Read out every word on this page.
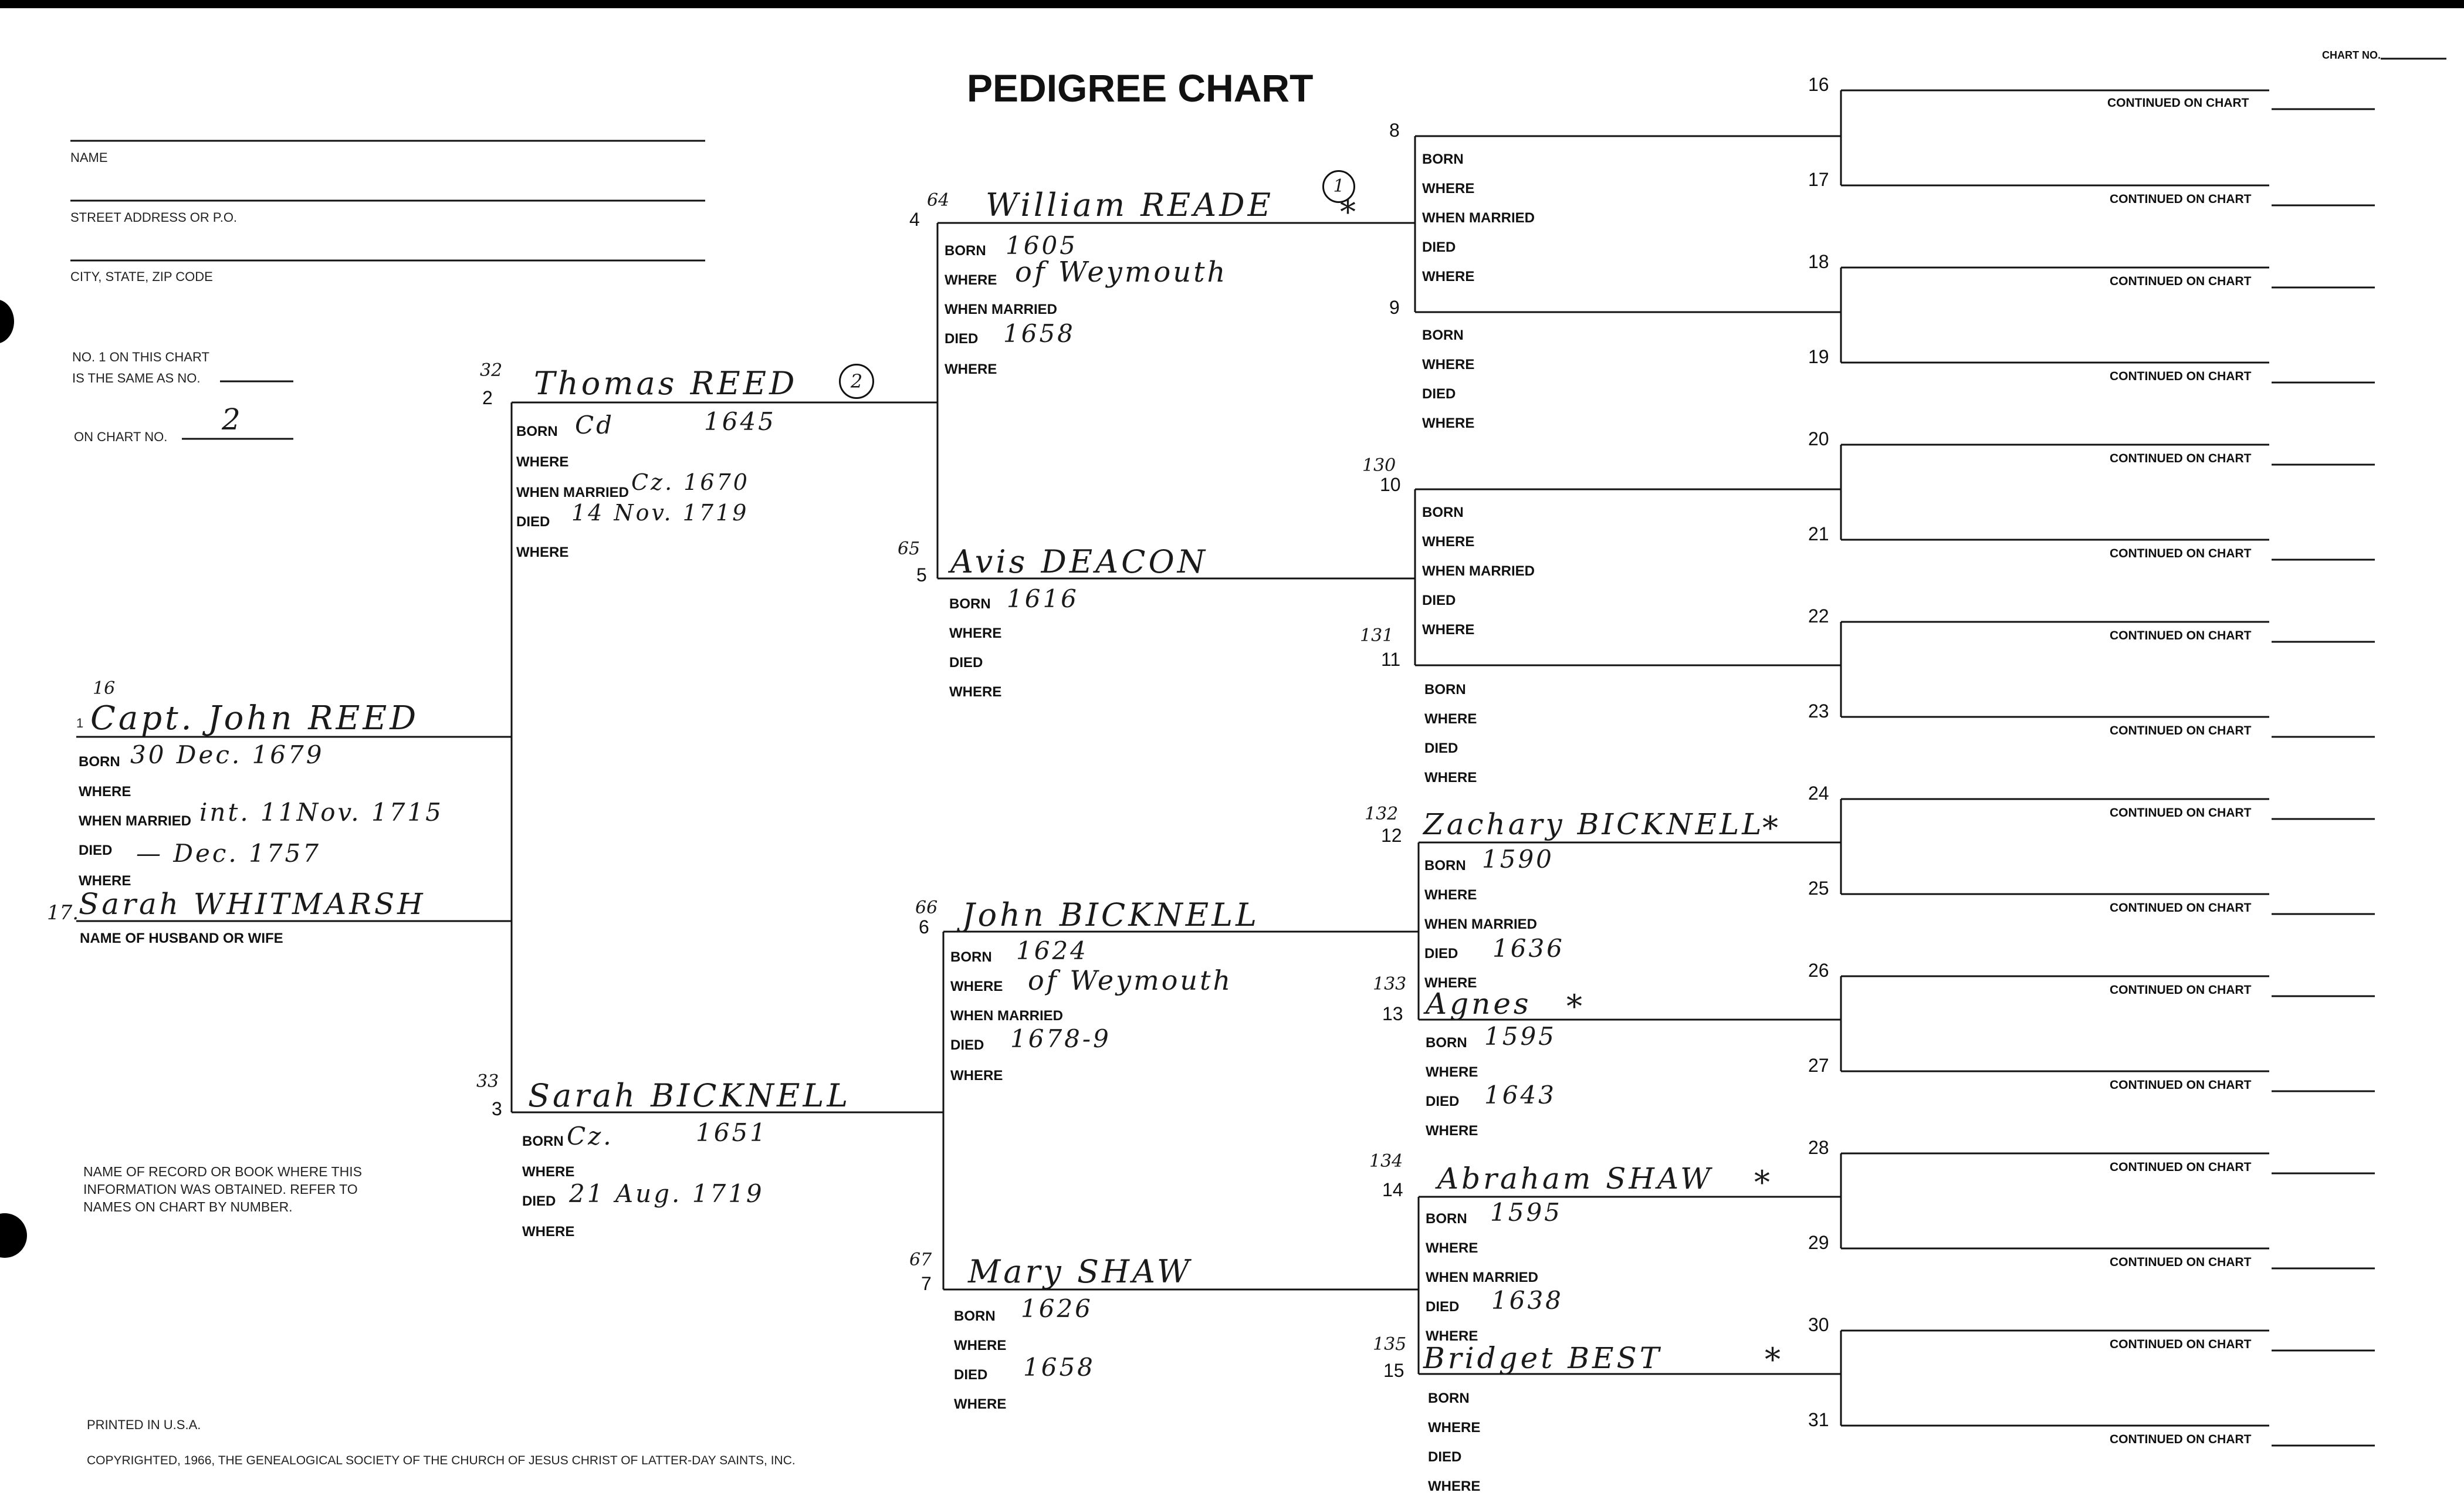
PEDIGREE CHART
CHART NO.
NAME
STREET ADDRESS OR P.O.
CITY, STATE, ZIP CODE
NO. 1 ON THIS CHART
IS THE SAME AS NO.
ON CHART NO.
2
16
1 Capt. John REED
BORN 30 Dec. 1679
WHERE
WHEN MARRIED int. 11Nov. 1715
DIED — Dec. 1757
WHERE
17. Sarah WHITMARSH
NAME OF HUSBAND OR WIFE
32
2 Thomas REED	2
BORN Cd	1645
WHERE
WHEN MARRIED Cz. 1670
DIED 14 Nov. 1719
WHERE
33
3 Sarah BICKNELL
BORN Cz.	1651
WHERE
DIED 21 Aug. 1719
WHERE
64
4 William READE
1
*
BORN 1605
WHERE of Weymouth
WHEN MARRIED
DIED 1658
WHERE
65
5 Avis DEACON
BORN 1616
WHERE
DIED
WHERE
66
6 John BICKNELL
BORN 1624
WHERE of Weymouth
WHEN MARRIED
DIED 1678-9
WHERE
67
7 Mary SHAW
BORN 1626
WHERE
DIED 1658
WHERE
8
BORN
WHERE
WHEN MARRIED
DIED
WHERE
9
BORN
WHERE
DIED
WHERE
130
10
BORN
WHERE
WHEN MARRIED
DIED
WHERE
131
11
BORN
WHERE
DIED
WHERE
132
12 Zachary BICKNELL
*
BORN 1590
WHERE
WHEN MARRIED
DIED 1636
WHERE
133
13 Agnes *
BORN 1595
WHERE
DIED 1643
WHERE
134
14 Abraham SHAW *
BORN 1595
WHERE
WHEN MARRIED
DIED 1638
WHERE
135
15 Bridget BEST	*
BORN
WHERE
DIED
WHERE
16
17
18
19
20
21
22
23
24
25
26
27
28
29
30
31
CONTINUED ON CHART
CONTINUED ON CHART
CONTINUED ON CHART
CONTINUED ON CHART
CONTINUED ON CHART
CONTINUED ON CHART
CONTINUED ON CHART
CONTINUED ON CHART
CONTINUED ON CHART
CONTINUED ON CHART
CONTINUED ON CHART
CONTINUED ON CHART
CONTINUED ON CHART
CONTINUED ON CHART
CONTINUED ON CHART
CONTINUED ON CHART
NAME OF RECORD OR BOOK WHERE THIS
INFORMATION WAS OBTAINED. REFER TO
NAMES ON CHART BY NUMBER.
PRINTED IN U.S.A.
COPYRIGHTED, 1966, THE GENEALOGICAL SOCIETY OF THE CHURCH OF JESUS CHRIST OF LATTER-DAY SAINTS, INC.
